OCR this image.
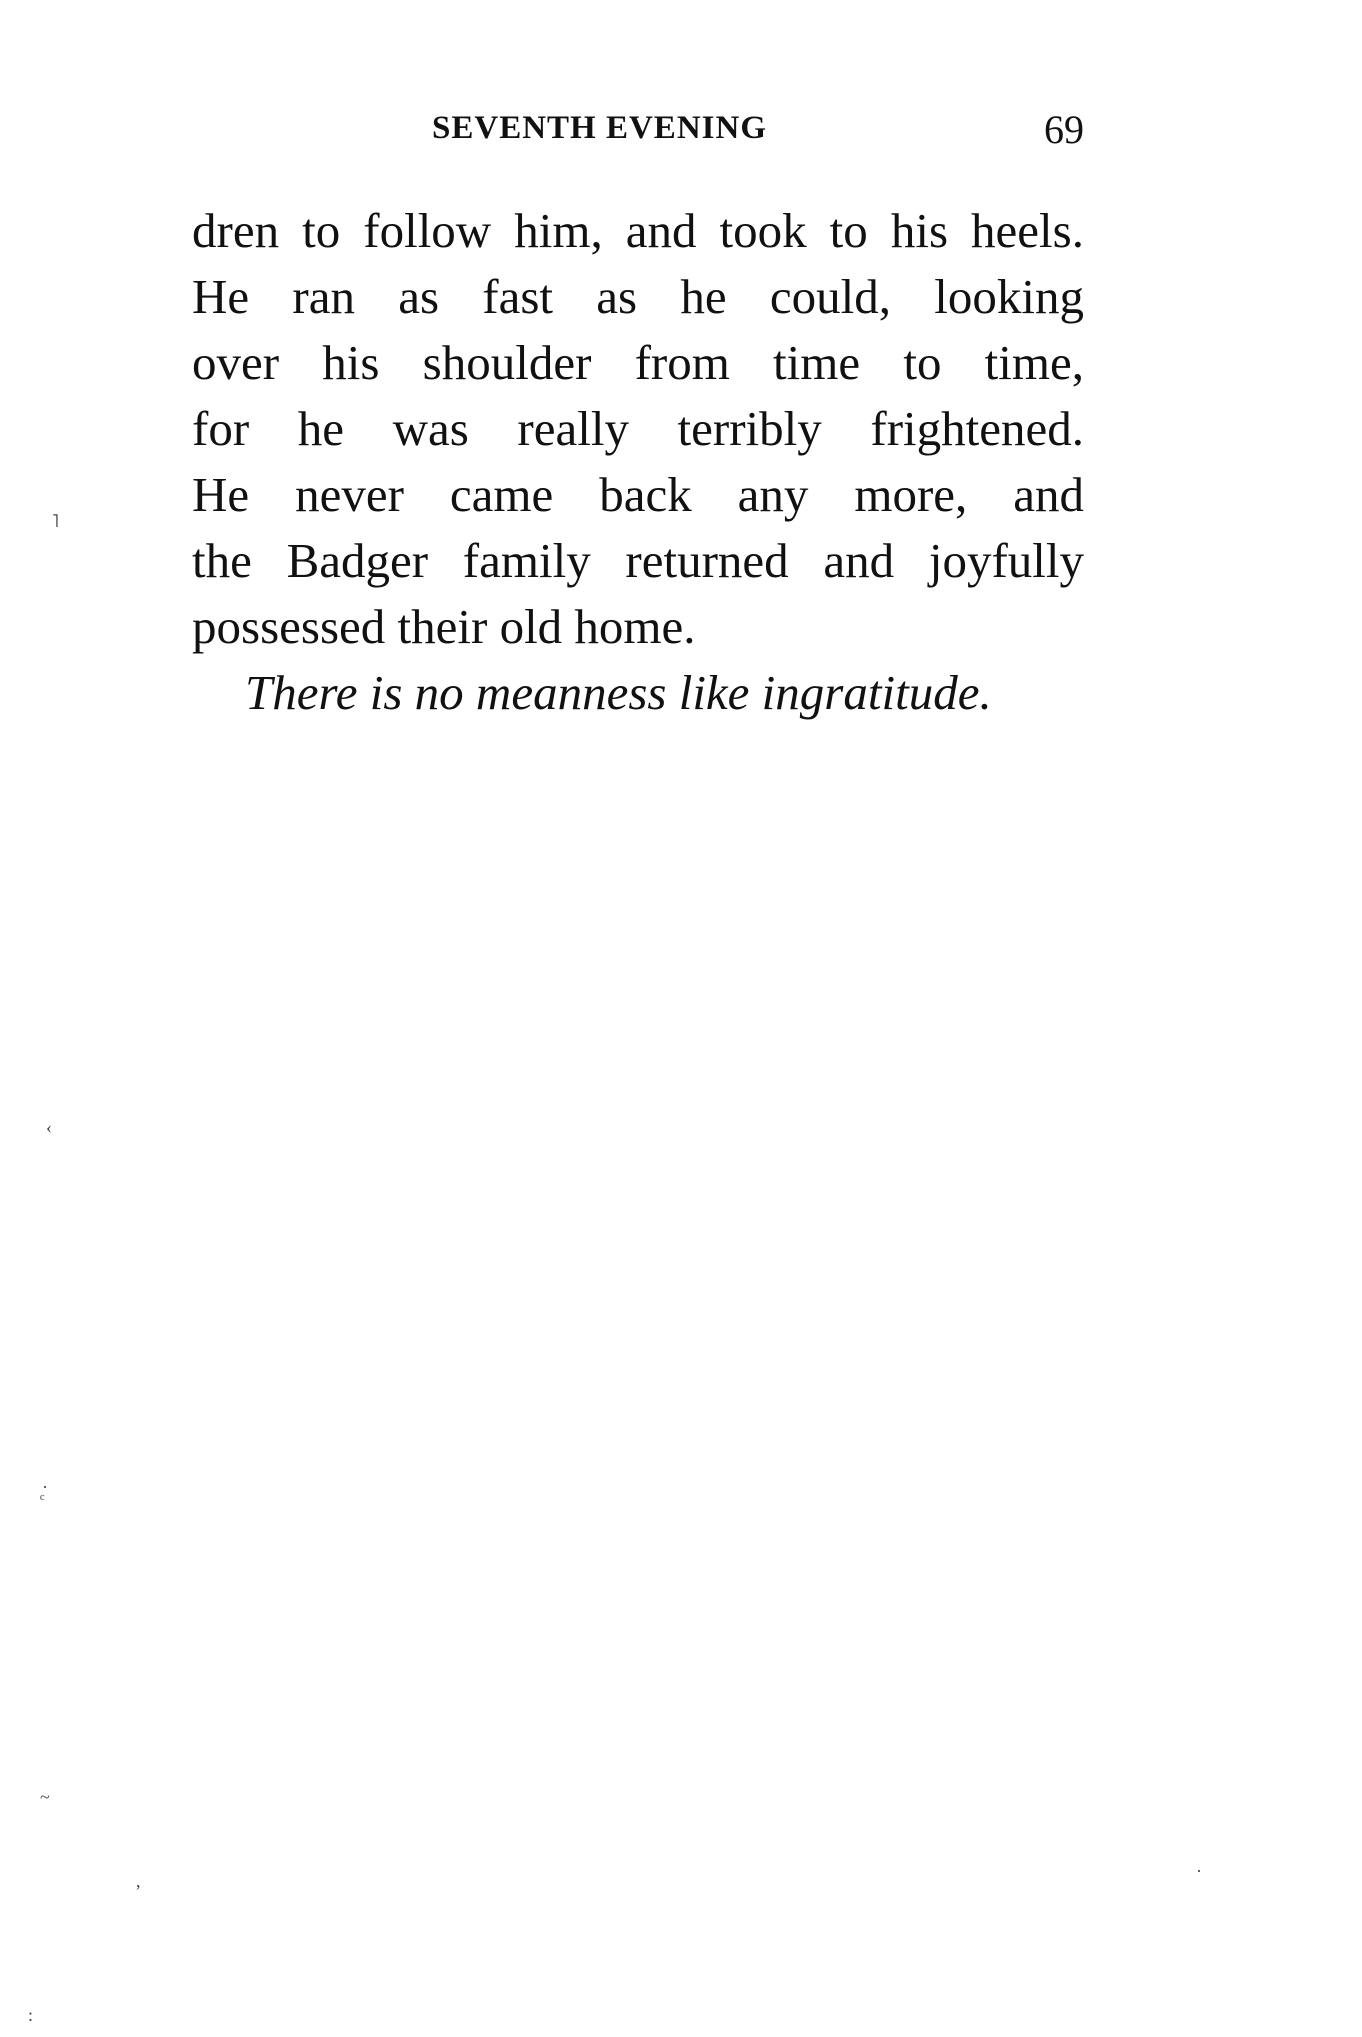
SEVENTH EVENING	69
dren to follow him, and took to his heels.
He ran as fast as he could, looking
over his shoulder from time to time,
for he was really terribly frightened.
He never came back any more, and
the Badger family returned and joyfully
possessed their old home.
There is no meanness like ingratitude.
˥
‹
·
ᶜ
~
,	·
:
